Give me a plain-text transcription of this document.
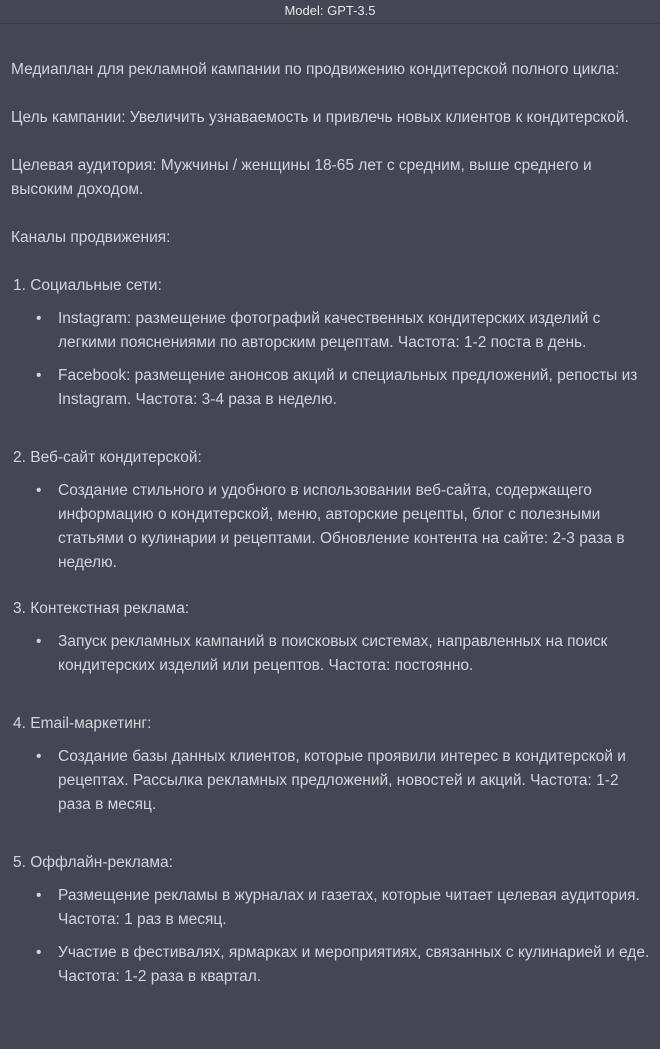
Model: GPT-3.5

Медиаплан для рекламной кампании по продвижению кондитерской полного цикла:

Цель кампании: Увеличить узнаваемость и привлечь новых клиентов к кондитерской.

Целевая аудитория: Мужчины / женщины 18-65 лет с средним, выше среднего и высоким доходом.

Каналы продвижения:

1. Социальные сети:
• Instagram: размещение фотографий качественных кондитерских изделий с легкими пояснениями по авторским рецептам. Частота: 1-2 поста в день.
• Facebook: размещение анонсов акций и специальных предложений, репосты из Instagram. Частота: 3-4 раза в неделю.
2. Веб-сайт кондитерской:
• Создание стильного и удобного в использовании веб-сайта, содержащего информацию о кондитерской, меню, авторские рецепты, блог с полезными статьями о кулинарии и рецептами. Обновление контента на сайте: 2-3 раза в неделю.
3. Контекстная реклама:
• Запуск рекламных кампаний в поисковых системах, направленных на поиск кондитерских изделий или рецептов. Частота: постоянно.
4. Email-маркетинг:
• Создание базы данных клиентов, которые проявили интерес в кондитерской и рецептах. Рассылка рекламных предложений, новостей и акций. Частота: 1-2 раза в месяц.
5. Оффлайн-реклама:
• Размещение рекламы в журналах и газетах, которые читает целевая аудитория. Частота: 1 раз в месяц.
• Участие в фестивалях, ярмарках и мероприятиях, связанных с кулинарией и еде. Частота: 1-2 раза в квартал.
